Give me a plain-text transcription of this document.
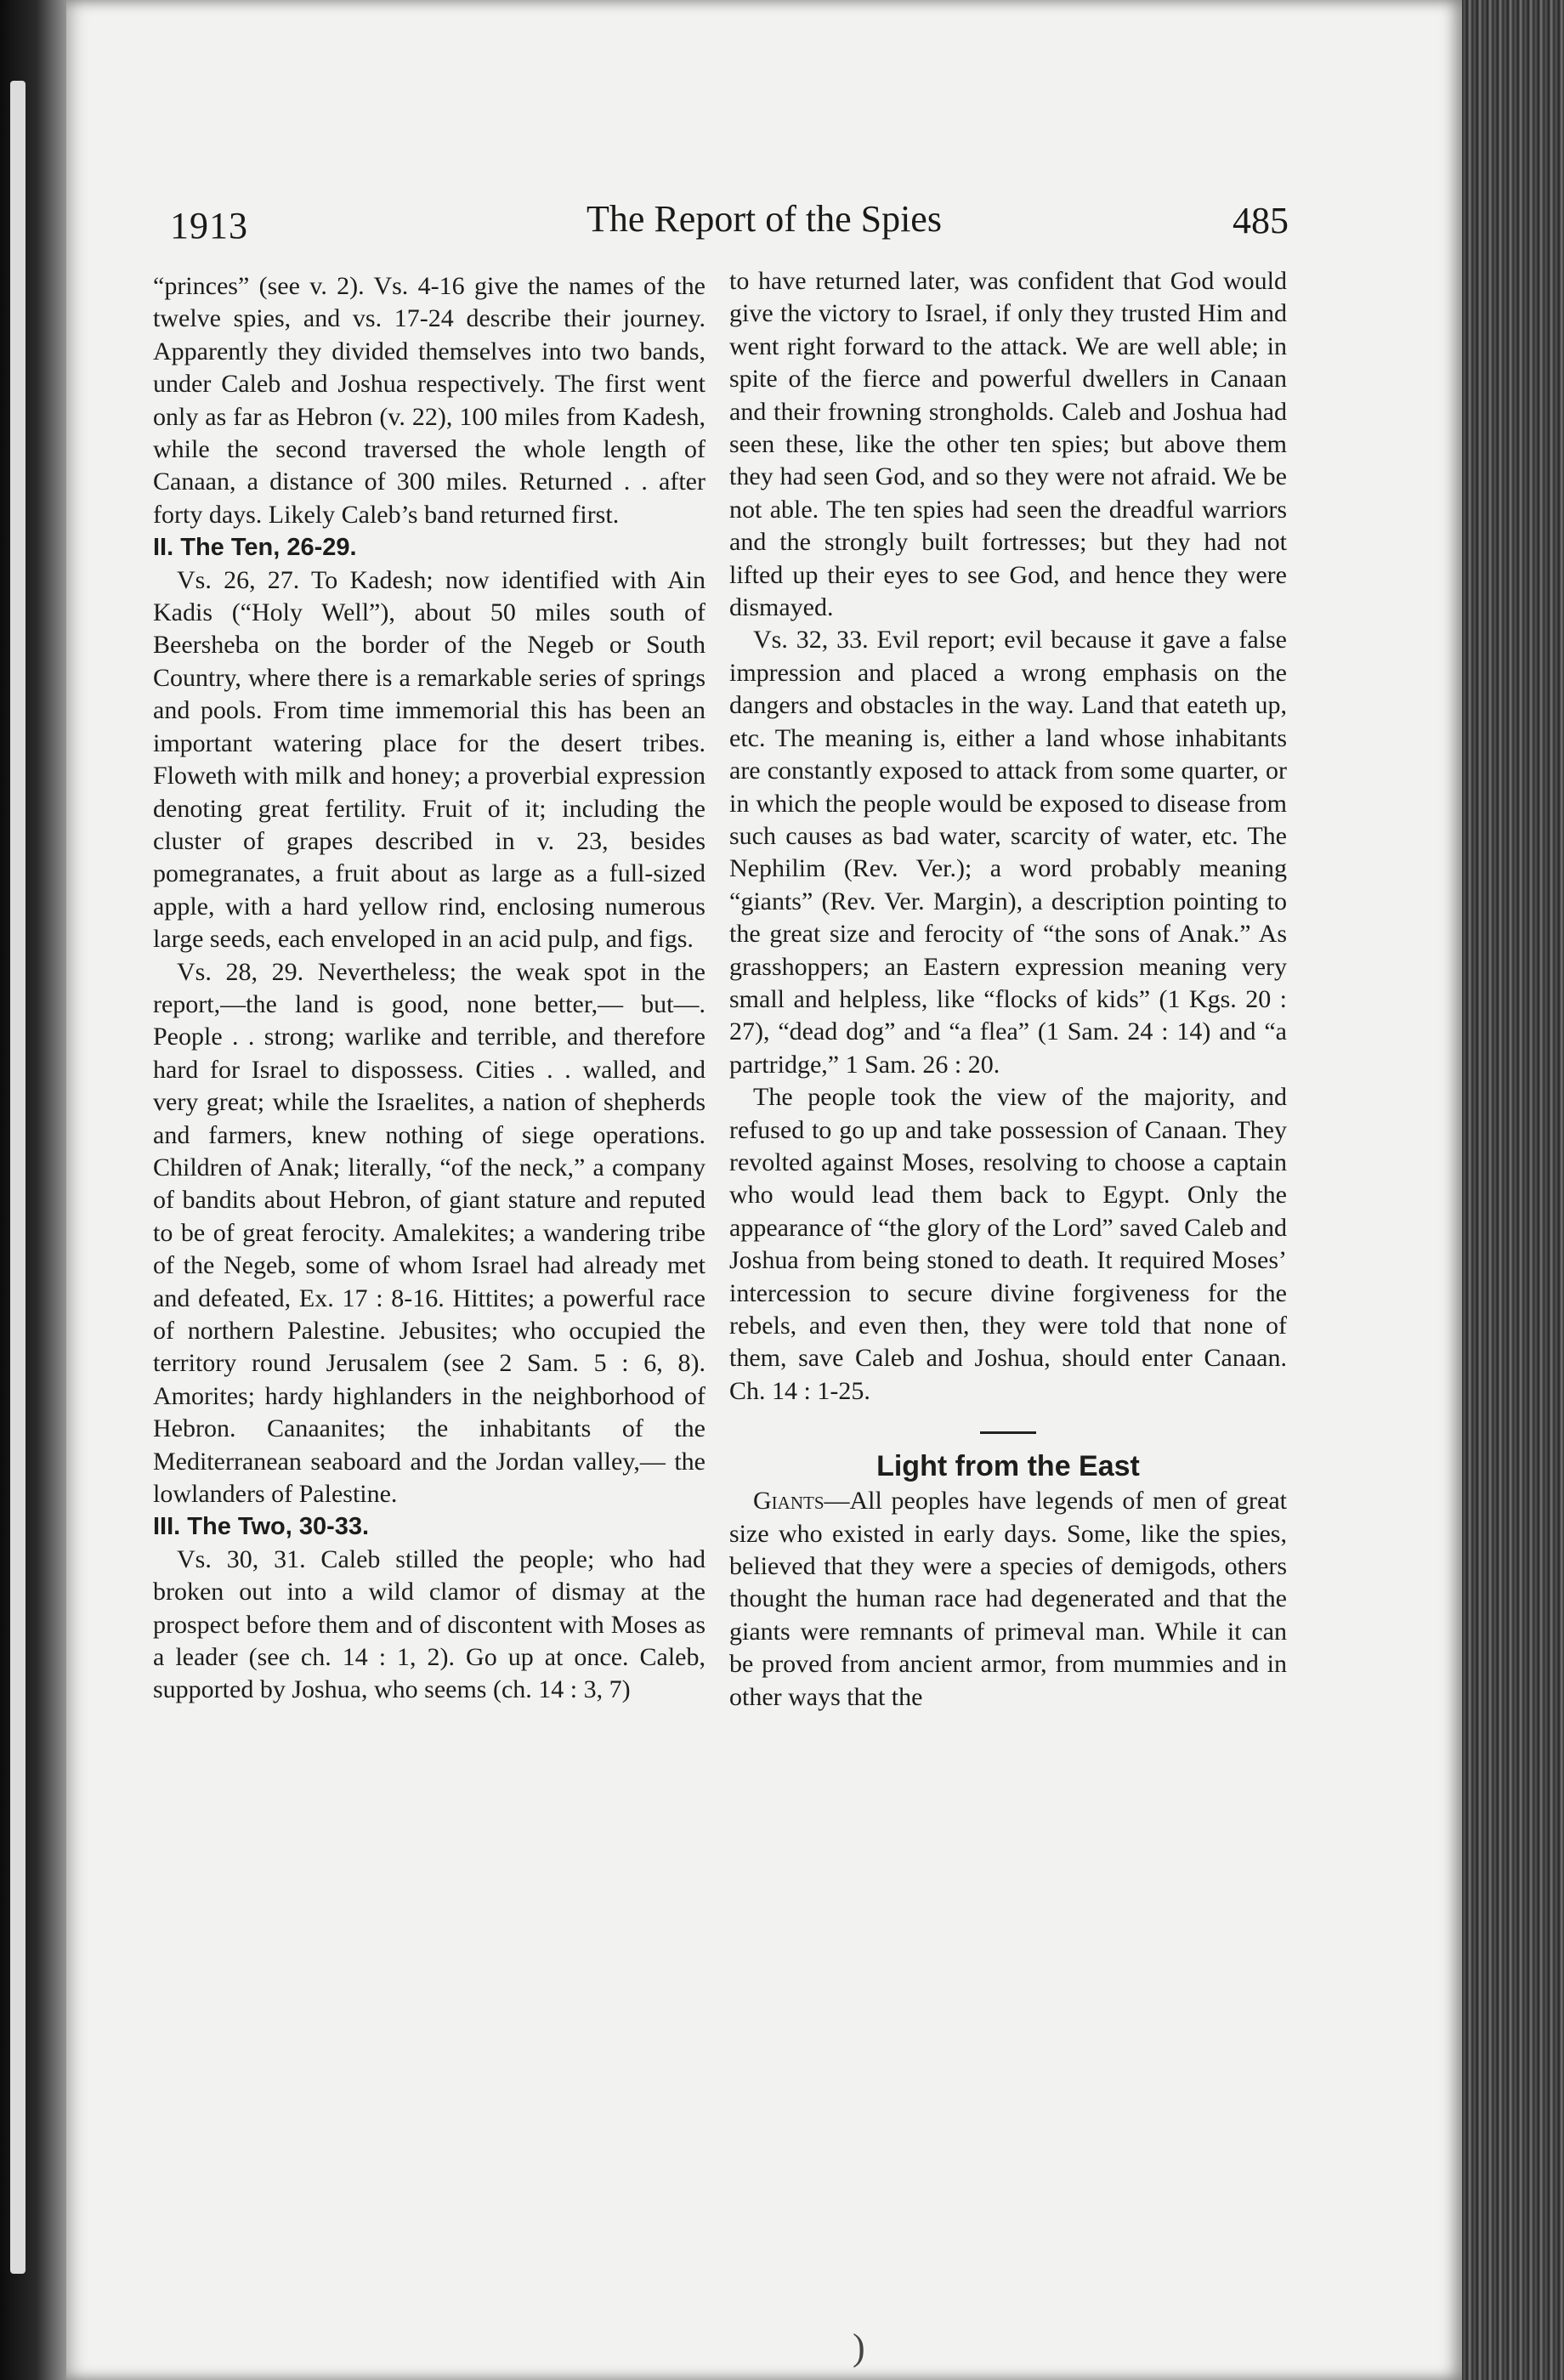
1913	The Report of the Spies	485

“princes” (see v. 2). Vs. 4-16 give the names of the twelve spies, and vs. 17-24 describe their journey. Apparently they divided themselves into two bands, under Caleb and Joshua respectively. The first went only as far as Hebron (v. 22), 100 miles from Kadesh, while the second traversed the whole length of Canaan, a distance of 300 miles. Returned . . after forty days. Likely Caleb’s band returned first.

II. The Ten, 26-29.

Vs. 26, 27. To Kadesh; now identified with Ain Kadis (“Holy Well”), about 50 miles south of Beersheba on the border of the Negeb or South Country, where there is a remarkable series of springs and pools. From time immemorial this has been an important watering place for the desert tribes. Floweth with milk and honey; a proverbial expression denoting great fertility. Fruit of it; including the cluster of grapes described in v. 23, besides pomegranates, a fruit about as large as a full-sized apple, with a hard yellow rind, enclosing numerous large seeds, each enveloped in an acid pulp, and figs.

Vs. 28, 29. Nevertheless; the weak spot in the report,—the land is good, none better,— but—. People . . strong; warlike and terrible, and therefore hard for Israel to dispossess. Cities . . walled, and very great; while the Israelites, a nation of shepherds and farmers, knew nothing of siege operations. Children of Anak; literally, “of the neck,” a company of bandits about Hebron, of giant stature and reputed to be of great ferocity. Amalekites; a wandering tribe of the Negeb, some of whom Israel had already met and defeated, Ex. 17 : 8-16. Hittites; a powerful race of northern Palestine. Jebusites; who occupied the territory round Jerusalem (see 2 Sam. 5 : 6, 8). Amorites; hardy highlanders in the neighborhood of Hebron. Canaanites; the inhabitants of the Mediterranean seaboard and the Jordan valley,— the lowlanders of Palestine.

III. The Two, 30-33.

Vs. 30, 31. Caleb stilled the people; who had broken out into a wild clamor of dismay at the prospect before them and of discontent with Moses as a leader (see ch. 14 : 1, 2). Go up at once. Caleb, supported by Joshua, who seems (ch. 14 : 3, 7)

to have returned later, was confident that God would give the victory to Israel, if only they trusted Him and went right forward to the attack. We are well able; in spite of the fierce and powerful dwellers in Canaan and their frowning strongholds. Caleb and Joshua had seen these, like the other ten spies; but above them they had seen God, and so they were not afraid. We be not able. The ten spies had seen the dreadful warriors and the strongly built fortresses; but they had not lifted up their eyes to see God, and hence they were dismayed.

Vs. 32, 33. Evil report; evil because it gave a false impression and placed a wrong emphasis on the dangers and obstacles in the way. Land that eateth up, etc. The meaning is, either a land whose inhabitants are constantly exposed to attack from some quarter, or in which the people would be exposed to disease from such causes as bad water, scarcity of water, etc. The Nephilim (Rev. Ver.); a word probably meaning “giants” (Rev. Ver. Margin), a description pointing to the great size and ferocity of “the sons of Anak.” As grasshoppers; an Eastern expression meaning very small and helpless, like “flocks of kids” (1 Kgs. 20 : 27), “dead dog” and “a flea” (1 Sam. 24 : 14) and “a partridge,” 1 Sam. 26 : 20.

The people took the view of the majority, and refused to go up and take possession of Canaan. They revolted against Moses, resolving to choose a captain who would lead them back to Egypt. Only the appearance of “the glory of the Lord” saved Caleb and Joshua from being stoned to death. It required Moses’ intercession to secure divine forgiveness for the rebels, and even then, they were told that none of them, save Caleb and Joshua, should enter Canaan. Ch. 14 : 1-25.

Light from the East

Giants—All peoples have legends of men of great size who existed in early days. Some, like the spies, believed that they were a species of demigods, others thought the human race had degenerated and that the giants were remnants of primeval man. While it can be proved from ancient armor, from mummies and in other ways that the

)
